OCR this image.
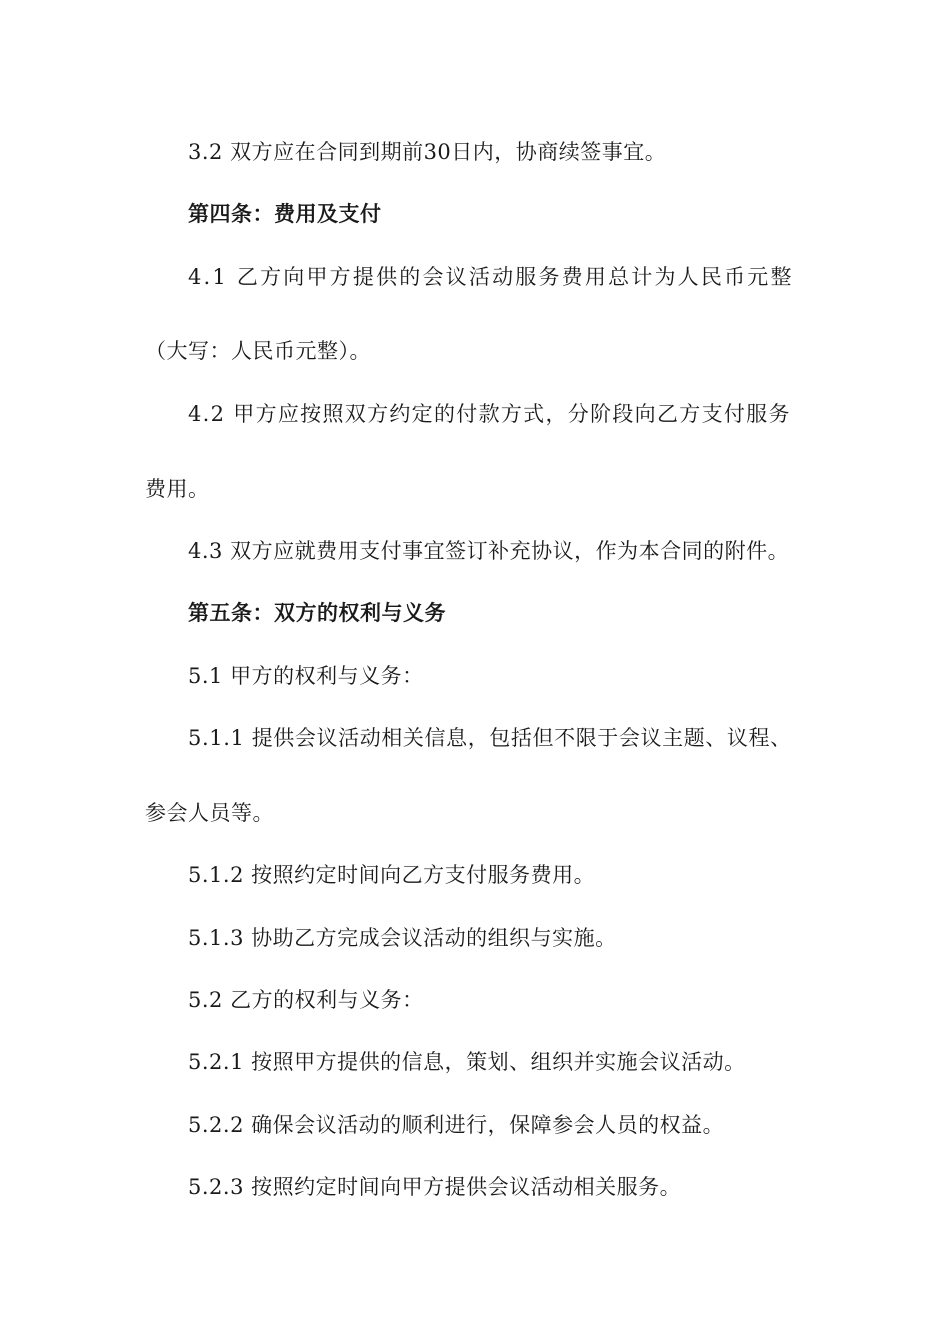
3.2 双方应在合同到期前30日内，协商续签事宜。
第四条：费用及支付
4.1 乙方向甲方提供的会议活动服务费用总计为人民币元整
（大写：人民币元整）。
4.2 甲方应按照双方约定的付款方式，分阶段向乙方支付服务
费用。
4.3 双方应就费用支付事宜签订补充协议，作为本合同的附件。
第五条：双方的权利与义务
5.1 甲方的权利与义务：
5.1.1 提供会议活动相关信息，包括但不限于会议主题、议程、
参会人员等。
5.1.2 按照约定时间向乙方支付服务费用。
5.1.3 协助乙方完成会议活动的组织与实施。
5.2 乙方的权利与义务：
5.2.1 按照甲方提供的信息，策划、组织并实施会议活动。
5.2.2 确保会议活动的顺利进行，保障参会人员的权益。
5.2.3 按照约定时间向甲方提供会议活动相关服务。
